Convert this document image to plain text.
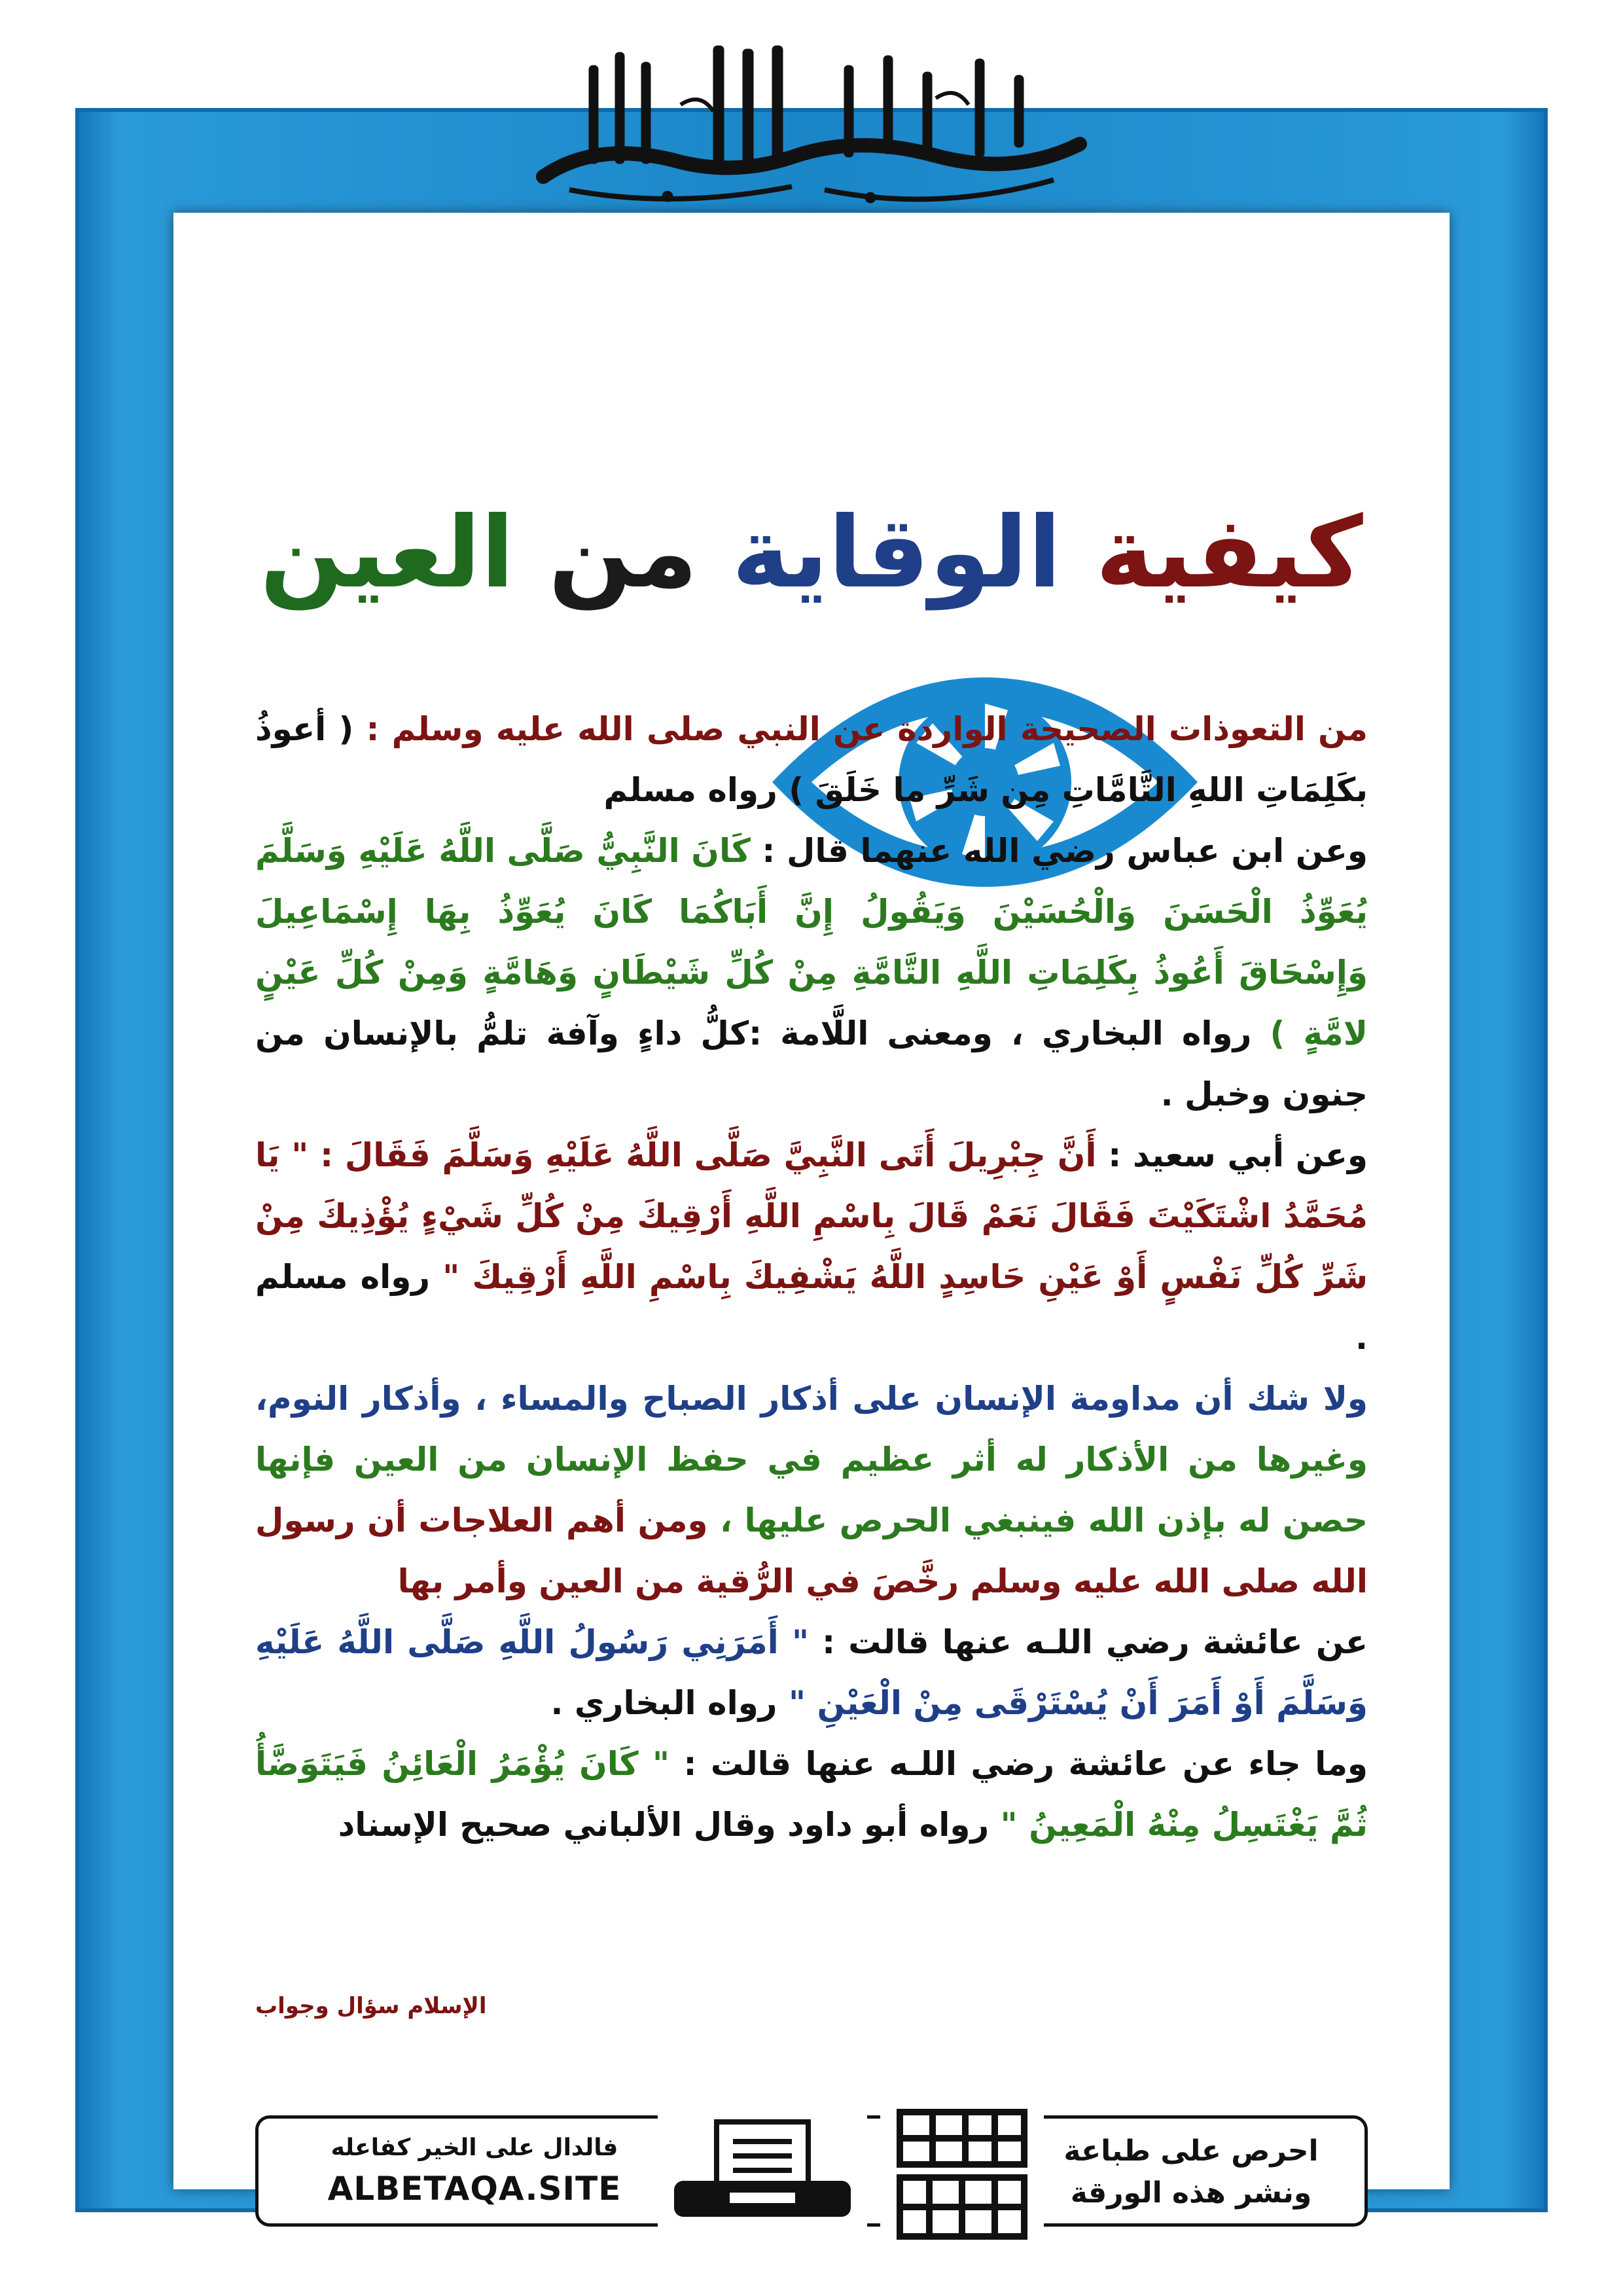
كيفية الوقاية من العين

من التعوذات الصحيحة الواردة عن النبي صلى الله عليه وسلم : ( أعوذُ بكَلِمَاتِ اللهِ التَّامَّاتِ مِن شَرِّ ما خَلَقَ ) رواه مسلم

وعن ابن عباس رضي الله عنهما قال : كَانَ النَّبِيُّ صَلَّى اللَّهُ عَلَيْهِ وَسَلَّمَ يُعَوِّذُ الْحَسَنَ وَالْحُسَيْنَ وَيَقُولُ إِنَّ أَبَاكُمَا كَانَ يُعَوِّذُ بِهَا إِسْمَاعِيلَ وَإِسْحَاقَ أَعُوذُ بِكَلِمَاتِ اللَّهِ التَّامَّةِ مِنْ كُلِّ شَيْطَانٍ وَهَامَّةٍ وَمِنْ كُلِّ عَيْنٍ لامَّةٍ ) رواه البخاري ، ومعنى اللَّامة :كلُّ داءٍ وآفة تلمُّ بالإنسان من جنون وخبل .

وعن أبي سعيد : أَنَّ جِبْرِيلَ أَتَى النَّبِيَّ صَلَّى اللَّهُ عَلَيْهِ وَسَلَّمَ فَقَالَ : " يَا مُحَمَّدُ اشْتَكَيْتَ فَقَالَ نَعَمْ قَالَ بِاسْمِ اللَّهِ أَرْقِيكَ مِنْ كُلِّ شَيْءٍ يُؤْذِيكَ مِنْ شَرِّ كُلِّ نَفْسٍ أَوْ عَيْنِ حَاسِدٍ اللَّهُ يَشْفِيكَ بِاسْمِ اللَّهِ أَرْقِيكَ " رواه مسلم .

ولا شك أن مداومة الإنسان على أذكار الصباح والمساء ، وأذكار النوم، وغيرها من الأذكار له أثر عظيم في حفظ الإنسان من العين فإنها حصن له بإذن الله فينبغي الحرص عليها ، ومن أهم العلاجات أن رسول الله صلى الله عليه وسلم رخَّصَ في الرُّقية من العين وأمر بها

عن عائشة رضي اللـه عنها قالت : " أَمَرَنِي رَسُولُ اللَّهِ صَلَّى اللَّهُ عَلَيْهِ وَسَلَّمَ أَوْ أَمَرَ أَنْ يُسْتَرْقَى مِنْ الْعَيْنِ " رواه البخاري .

وما جاء عن عائشة رضي اللـه عنها قالت : " كَانَ يُؤْمَرُ الْعَائِنُ فَيَتَوَضَّأُ ثُمَّ يَغْتَسِلُ مِنْهُ الْمَعِينُ " رواه أبو داود وقال الألباني صحيح الإسناد

الإسلام سؤال وجواب
احرص على طباعة
ونشر هذه الورقة
فالدال على الخير كفاعله
ALBETAQA.SITE
